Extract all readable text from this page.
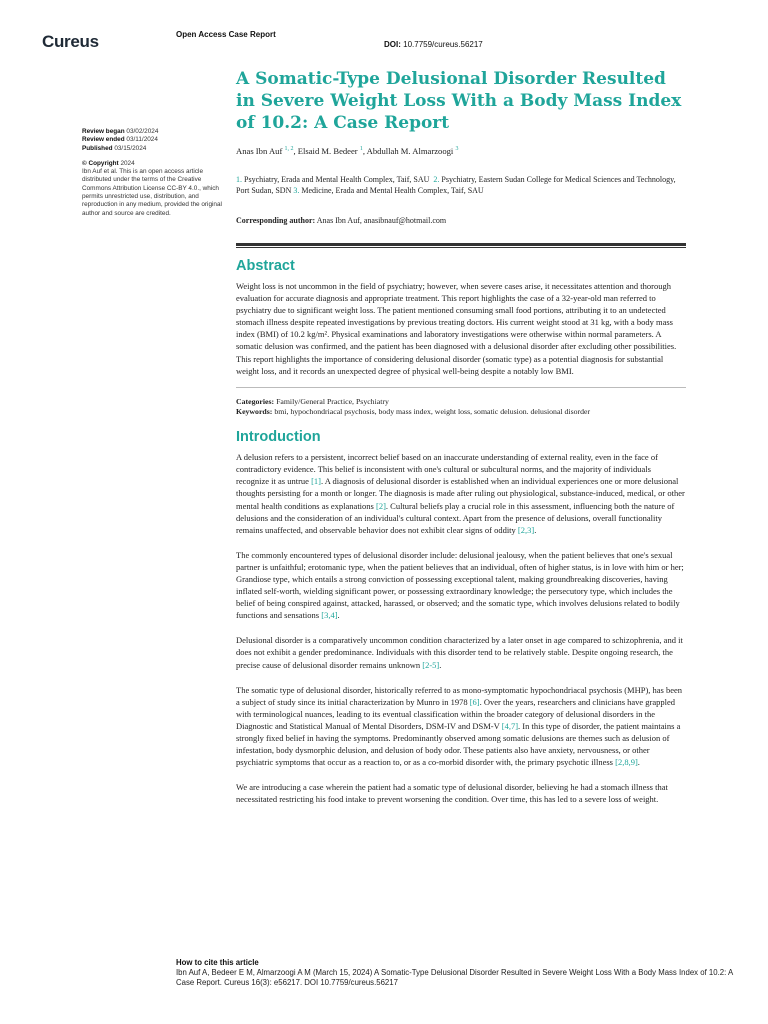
Cureus	Open Access Case Report
DOI: 10.7759/cureus.56217
Review began 03/02/2024
Review ended 03/11/2024
Published 03/15/2024
© Copyright 2024
Ibn Auf et al. This is an open access article distributed under the terms of the Creative Commons Attribution License CC-BY 4.0., which permits unrestricted use, distribution, and reproduction in any medium, provided the original author and source are credited.
A Somatic-Type Delusional Disorder Resulted in Severe Weight Loss With a Body Mass Index of 10.2: A Case Report
Anas Ibn Auf $^{1, 2}$, Elsaid M. Bedeer $^1$, Abdullah M. Almarzoogi $^3$
1. Psychiatry, Erada and Mental Health Complex, Taif, SAU 2. Psychiatry, Eastern Sudan College for Medical Sciences and Technology, Port Sudan, SDN 3. Medicine, Erada and Mental Health Complex, Taif, SAU
Corresponding author: Anas Ibn Auf, anasibnauf@hotmail.com
Abstract

Weight loss is not uncommon in the field of psychiatry; however, when severe cases arise, it necessitates attention and thorough evaluation for accurate diagnosis and appropriate treatment. This report highlights the case of a 32-year-old man referred to psychiatry due to significant weight loss. The patient mentioned consuming small food portions, attributing it to an undetected stomach illness despite repeated investigations by previous treating doctors. His current weight stood at 31 kg, with a body mass index (BMI) of 10.2 kg/m². Physical examinations and laboratory investigations were otherwise within normal parameters. A somatic delusion was confirmed, and the patient has been diagnosed with a delusional disorder after excluding other possibilities. This report highlights the importance of considering delusional disorder (somatic type) as a potential diagnosis for substantial weight loss, and it records an unexpected degree of physical well-being despite a notably low BMI.

Categories: Family/General Practice, Psychiatry
Keywords: bmi, hypochondriacal psychosis, body mass index, weight loss, somatic delusion. delusional disorder
Introduction

A delusion refers to a persistent, incorrect belief based on an inaccurate understanding of external reality, even in the face of contradictory evidence. This belief is inconsistent with one's cultural or subcultural norms, and the majority of individuals recognize it as untrue [1]. A diagnosis of delusional disorder is established when an individual experiences one or more delusional thoughts persisting for a month or longer. The diagnosis is made after ruling out physiological, substance-induced, medical, or other mental health conditions as explanations [2]. Cultural beliefs play a crucial role in this assessment, influencing both the nature of delusions and the consideration of an individual's cultural context. Apart from the presence of delusions, overall functionality remains unaffected, and observable behavior does not exhibit clear signs of oddity [2,3].

The commonly encountered types of delusional disorder include: delusional jealousy, when the patient believes that one's sexual partner is unfaithful; erotomanic type, when the patient believes that an individual, often of higher status, is in love with him or her; Grandiose type, which entails a strong conviction of possessing exceptional talent, making groundbreaking discoveries, having inflated self-worth, wielding significant power, or possessing extraordinary knowledge; the persecutory type, which includes the belief of being conspired against, attacked, harassed, or observed; and the somatic type, which involves delusions related to bodily functions and sensations [3,4].

Delusional disorder is a comparatively uncommon condition characterized by a later onset in age compared to schizophrenia, and it does not exhibit a gender predominance. Individuals with this disorder tend to be relatively stable. Despite ongoing research, the precise cause of delusional disorder remains unknown [2-5].

The somatic type of delusional disorder, historically referred to as mono-symptomatic hypochondriacal psychosis (MHP), has been a subject of study since its initial characterization by Munro in 1978 [6]. Over the years, researchers and clinicians have grappled with terminological nuances, leading to its eventual classification within the broader category of delusional disorders in the Diagnostic and Statistical Manual of Mental Disorders, DSM-IV and DSM-V [4,7]. In this type of disorder, the patient maintains a strongly fixed belief in having the symptoms. Predominantly observed among somatic delusions are themes such as delusion of infestation, body dysmorphic delusion, and delusion of body odor. These patients also have anxiety, nervousness, or other psychiatric symptoms that occur as a reaction to, or as a co-morbid disorder with, the primary psychotic illness [2,8,9].

We are introducing a case wherein the patient had a somatic type of delusional disorder, believing he had a stomach illness that necessitated restricting his food intake to prevent worsening the condition. Over time, this has led to a severe loss of weight.

How to cite this article
Ibn Auf A, Bedeer E M, Almarzoogi A M (March 15, 2024) A Somatic-Type Delusional Disorder Resulted in Severe Weight Loss With a Body Mass Index of 10.2: A Case Report. Cureus 16(3): e56217. DOI 10.7759/cureus.56217
